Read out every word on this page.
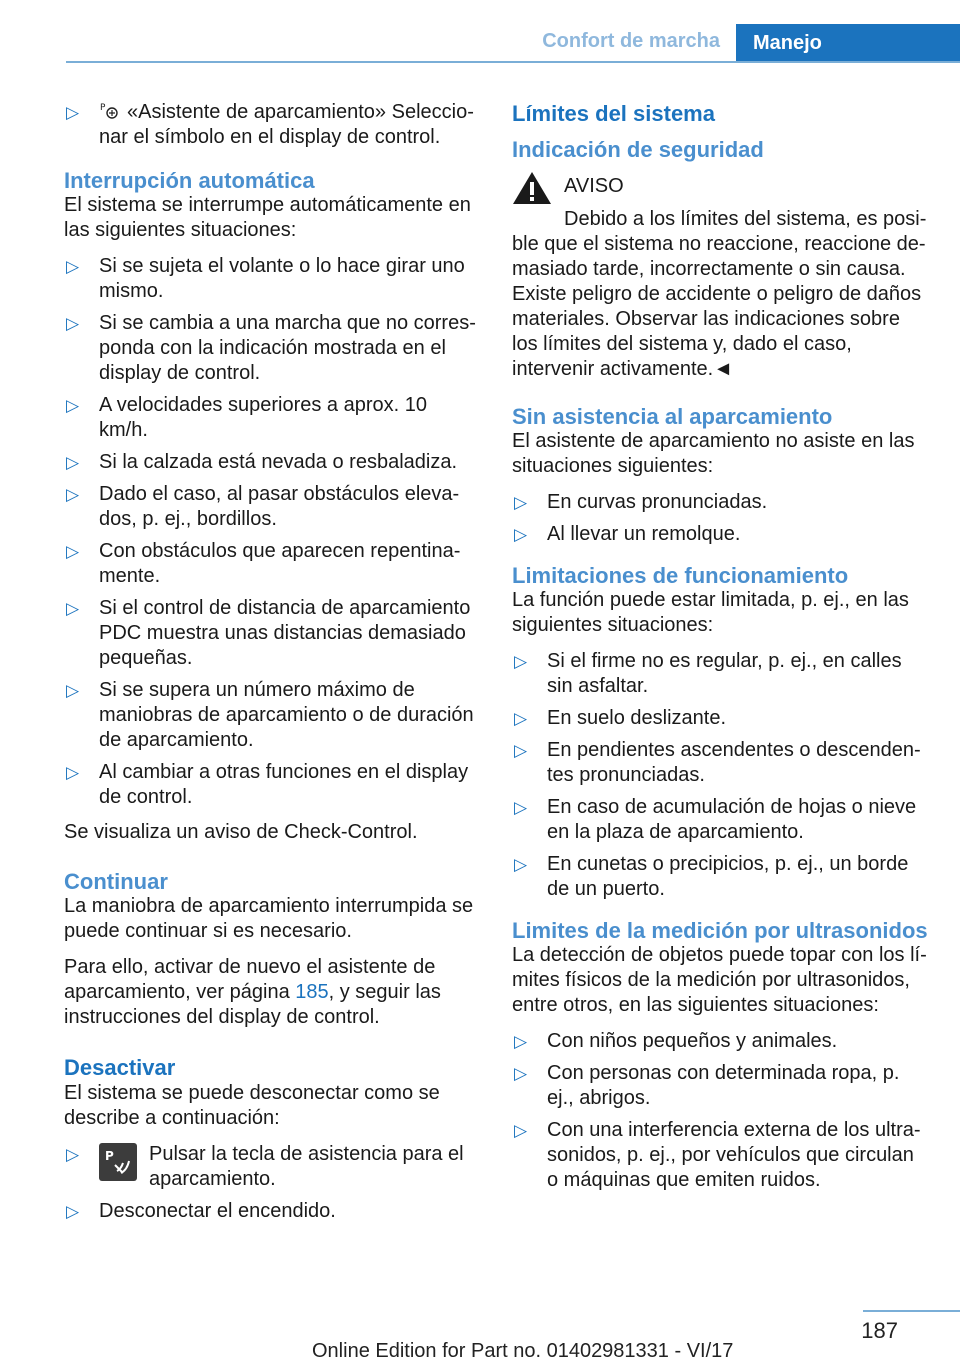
Confort de marcha Manejo
▷ P «Asistente de aparcamiento» Seleccionar el símbolo en el display de control.
Interrupción automática

El sistema se interrumpe automáticamente en las siguientes situaciones:

▷ Si se sujeta el volante o lo hace girar uno mismo.
▷ Si se cambia a una marcha que no corresponda con la indicación mostrada en el display de control.
▷ A velocidades superiores a aprox. 10 km/h.
▷ Si la calzada está nevada o resbaladiza.
▷ Dado el caso, al pasar obstáculos elevados, p. ej., bordillos.
▷ Con obstáculos que aparecen repentinamente.
▷ Si el control de distancia de aparcamiento PDC muestra unas distancias demasiado pequeñas.
▷ Si se supera un número máximo de maniobras de aparcamiento o de duración de aparcamiento.
▷ Al cambiar a otras funciones en el display de control.

Se visualiza un aviso de Check-Control.

Continuar

La maniobra de aparcamiento interrumpida se puede continuar si es necesario.

Para ello, activar de nuevo el asistente de aparcamiento, ver página 185, y seguir las instrucciones del display de control.

Desactivar

El sistema se puede desconectar como se describe a continuación:

▷ P Pulsar la tecla de asistencia para el aparcamiento.
▷ Desconectar el encendido.
Límites del sistema
Indicación de seguridad

AVISO

Debido a los límites del sistema, es posible que el sistema no reaccione, reaccione demasiado tarde, incorrectamente o sin causa. Existe peligro de accidente o peligro de daños materiales. Observar las indicaciones sobre los límites del sistema y, dado el caso, intervenir activamente.◄

Sin asistencia al aparcamiento

El asistente de aparcamiento no asiste en las situaciones siguientes:

▷ En curvas pronunciadas.
▷ Al llevar un remolque.
Limitaciones de funcionamiento

La función puede estar limitada, p. ej., en las siguientes situaciones:

▷ Si el firme no es regular, p. ej., en calles sin asfaltar.
▷ En suelo deslizante.
▷ En pendientes ascendentes o descendentes pronunciadas.
▷ En caso de acumulación de hojas o nieve en la plaza de aparcamiento.
▷ En cunetas o precipicios, p. ej., un borde de un puerto.
Limites de la medición por ultrasonidos

La detección de objetos puede topar con los límites físicos de la medición por ultrasonidos, entre otros, en las siguientes situaciones:

▷ Con niños pequeños y animales.
▷ Con personas con determinada ropa, p. ej., abrigos.
▷ Con una interferencia externa de los ultrasonidos, p. ej., por vehículos que circulan o máquinas que emiten ruidos.
187
Online Edition for Part no. 01402981331 - VI/17
